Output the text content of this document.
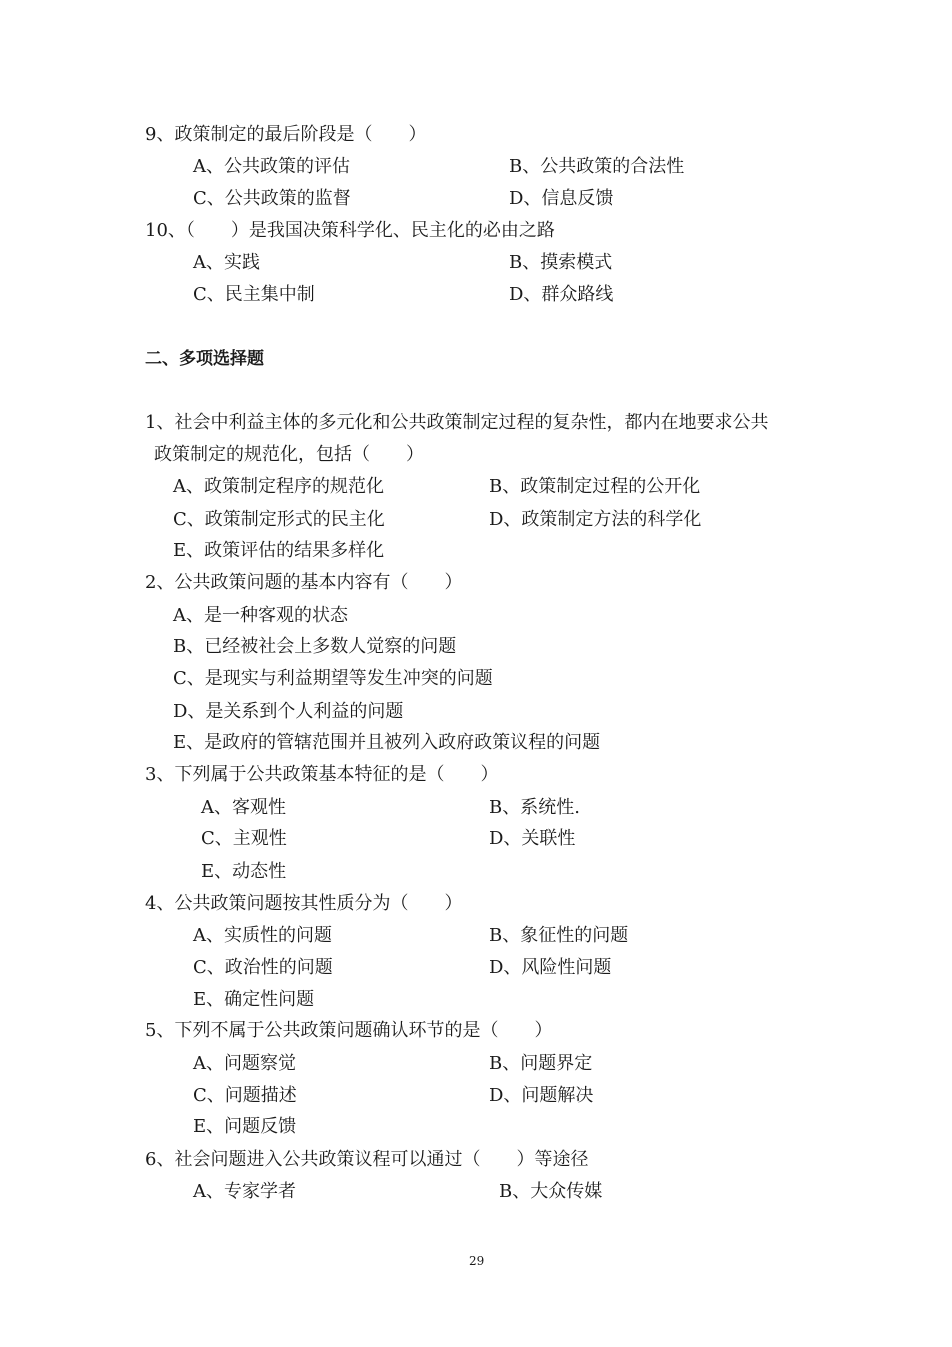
9、政策制定的最后阶段是（　　）
A、公共政策的评估	B、公共政策的合法性
C、公共政策的监督	D、信息反馈
10、（　　）是我国决策科学化、民主化的必由之路
A、实践	B、摸索模式
C、民主集中制	D、群众路线
二、多项选择题
1、社会中利益主体的多元化和公共政策制定过程的复杂性，都内在地要求公共
政策制定的规范化，包括（　　）
A、政策制定程序的规范化	B、政策制定过程的公开化
C、政策制定形式的民主化	D、政策制定方法的科学化
E、政策评估的结果多样化
2、公共政策问题的基本内容有（　　）
A、是一种客观的状态
B、已经被社会上多数人觉察的问题
C、是现实与利益期望等发生冲突的问题
D、是关系到个人利益的问题
E、是政府的管辖范围并且被列入政府政策议程的问题
3、下列属于公共政策基本特征的是（　　）
A、客观性	B、系统性.
C、主观性	D、关联性
E、动态性
4、公共政策问题按其性质分为（　　）
A、实质性的问题	B、象征性的问题
C、政治性的问题	D、风险性问题
E、确定性问题
5、下列不属于公共政策问题确认环节的是（　　）
A、问题察觉	B、问题界定
C、问题描述	D、问题解决
E、问题反馈
6、社会问题进入公共政策议程可以通过（　　）等途径
A、专家学者	B、大众传媒
29
